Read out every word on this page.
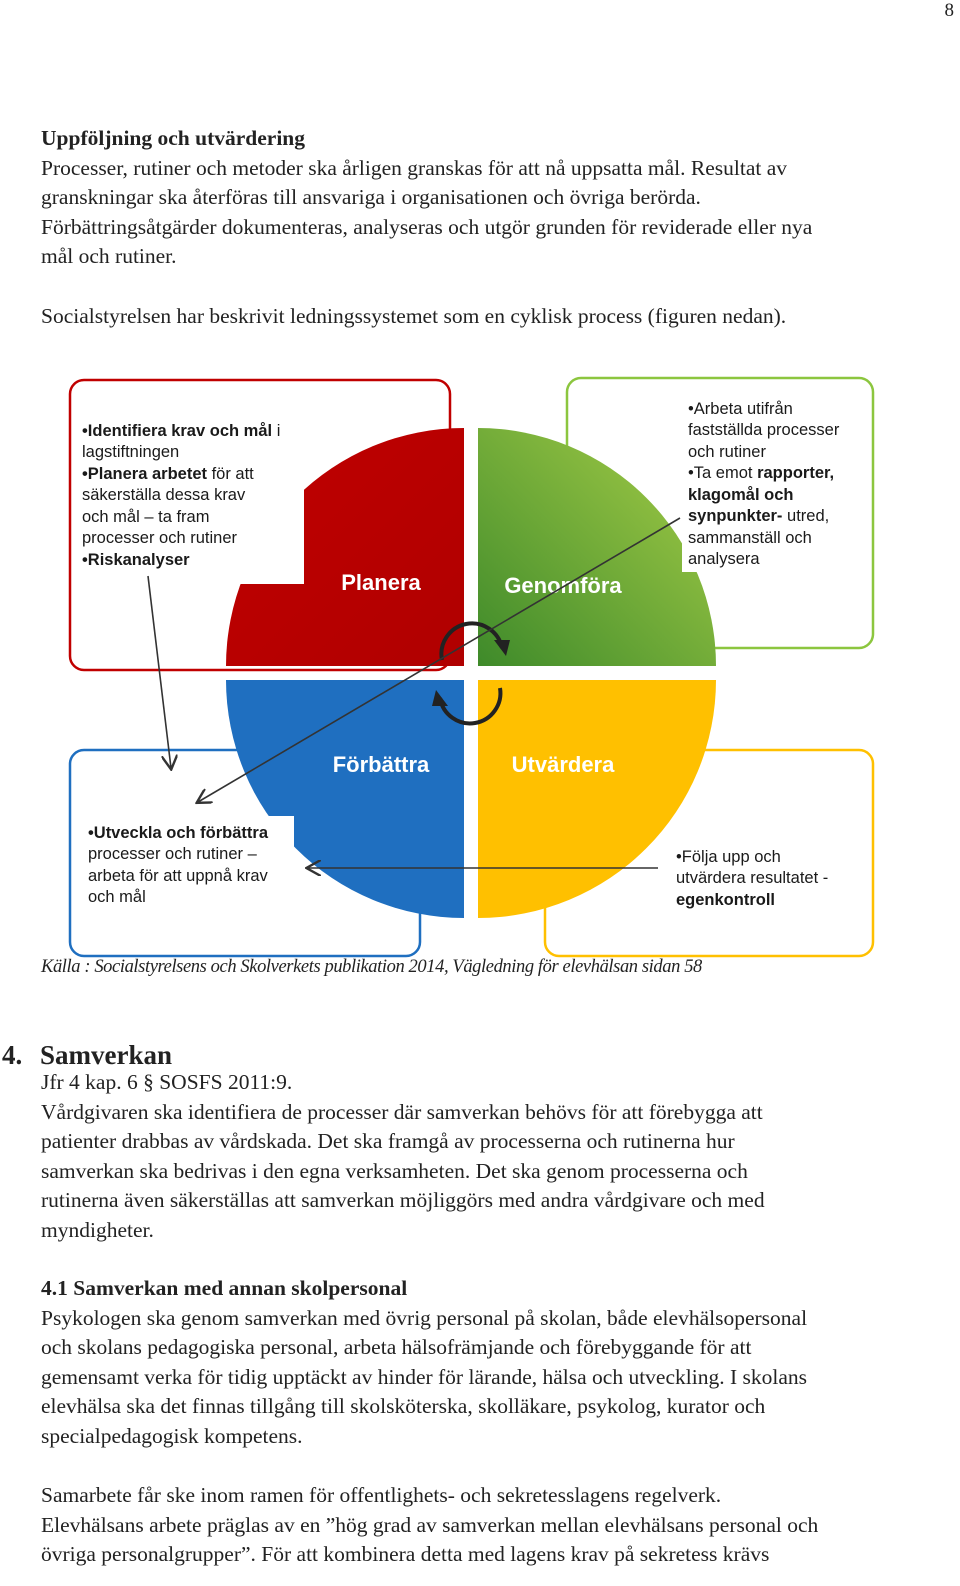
8

Uppföljning och utvärdering

Processer, rutiner och metoder ska årligen granskas för att nå uppsatta mål. Resultat av

granskningar ska återföras till ansvariga i organisationen och övriga berörda.

Förbättringsåtgärder dokumenteras, analyseras och utgör grunden för reviderade eller nya

mål och rutiner.

Socialstyrelsen har beskrivit ledningssystemet som en cyklisk process (figuren nedan).

Planera	Genomföra
Förbättra	Utvärdera
•Identifiera krav och mål i
lagstiftningen
•Planera arbetet för att
säkerställa dessa krav
och mål – ta fram
processer och rutiner
•Riskanalyser
•Arbeta utifrån
fastställda processer
och rutiner
•Ta emot rapporter,
klagomål och
synpunkter- utred,
sammanställ och
analysera
•Utveckla och förbättra
processer och rutiner –
arbeta för att uppnå krav
och mål
•Följa upp och
utvärdera resultatet -
egenkontroll
Källa : Socialstyrelsens och Skolverkets publikation 2014, Vägledning för elevhälsan sidan 58
4. Samverkan

Jfr 4 kap. 6 § SOSFS 2011:9.

Vårdgivaren ska identifiera de processer där samverkan behövs för att förebygga att

patienter drabbas av vårdskada. Det ska framgå av processerna och rutinerna hur

samverkan ska bedrivas i den egna verksamheten. Det ska genom processerna och

rutinerna även säkerställas att samverkan möjliggörs med andra vårdgivare och med

myndigheter.

4.1 Samverkan med annan skolpersonal

Psykologen ska genom samverkan med övrig personal på skolan, både elevhälsopersonal

och skolans pedagogiska personal, arbeta hälsofrämjande och förebyggande för att

gemensamt verka för tidig upptäckt av hinder för lärande, hälsa och utveckling. I skolans

elevhälsa ska det finnas tillgång till skolsköterska, skolläkare, psykolog, kurator och

specialpedagogisk kompetens.

Samarbete får ske inom ramen för offentlighets- och sekretesslagens regelverk.

Elevhälsans arbete präglas av en ”hög grad av samverkan mellan elevhälsans personal och

övriga personalgrupper”. För att kombinera detta med lagens krav på sekretess krävs
